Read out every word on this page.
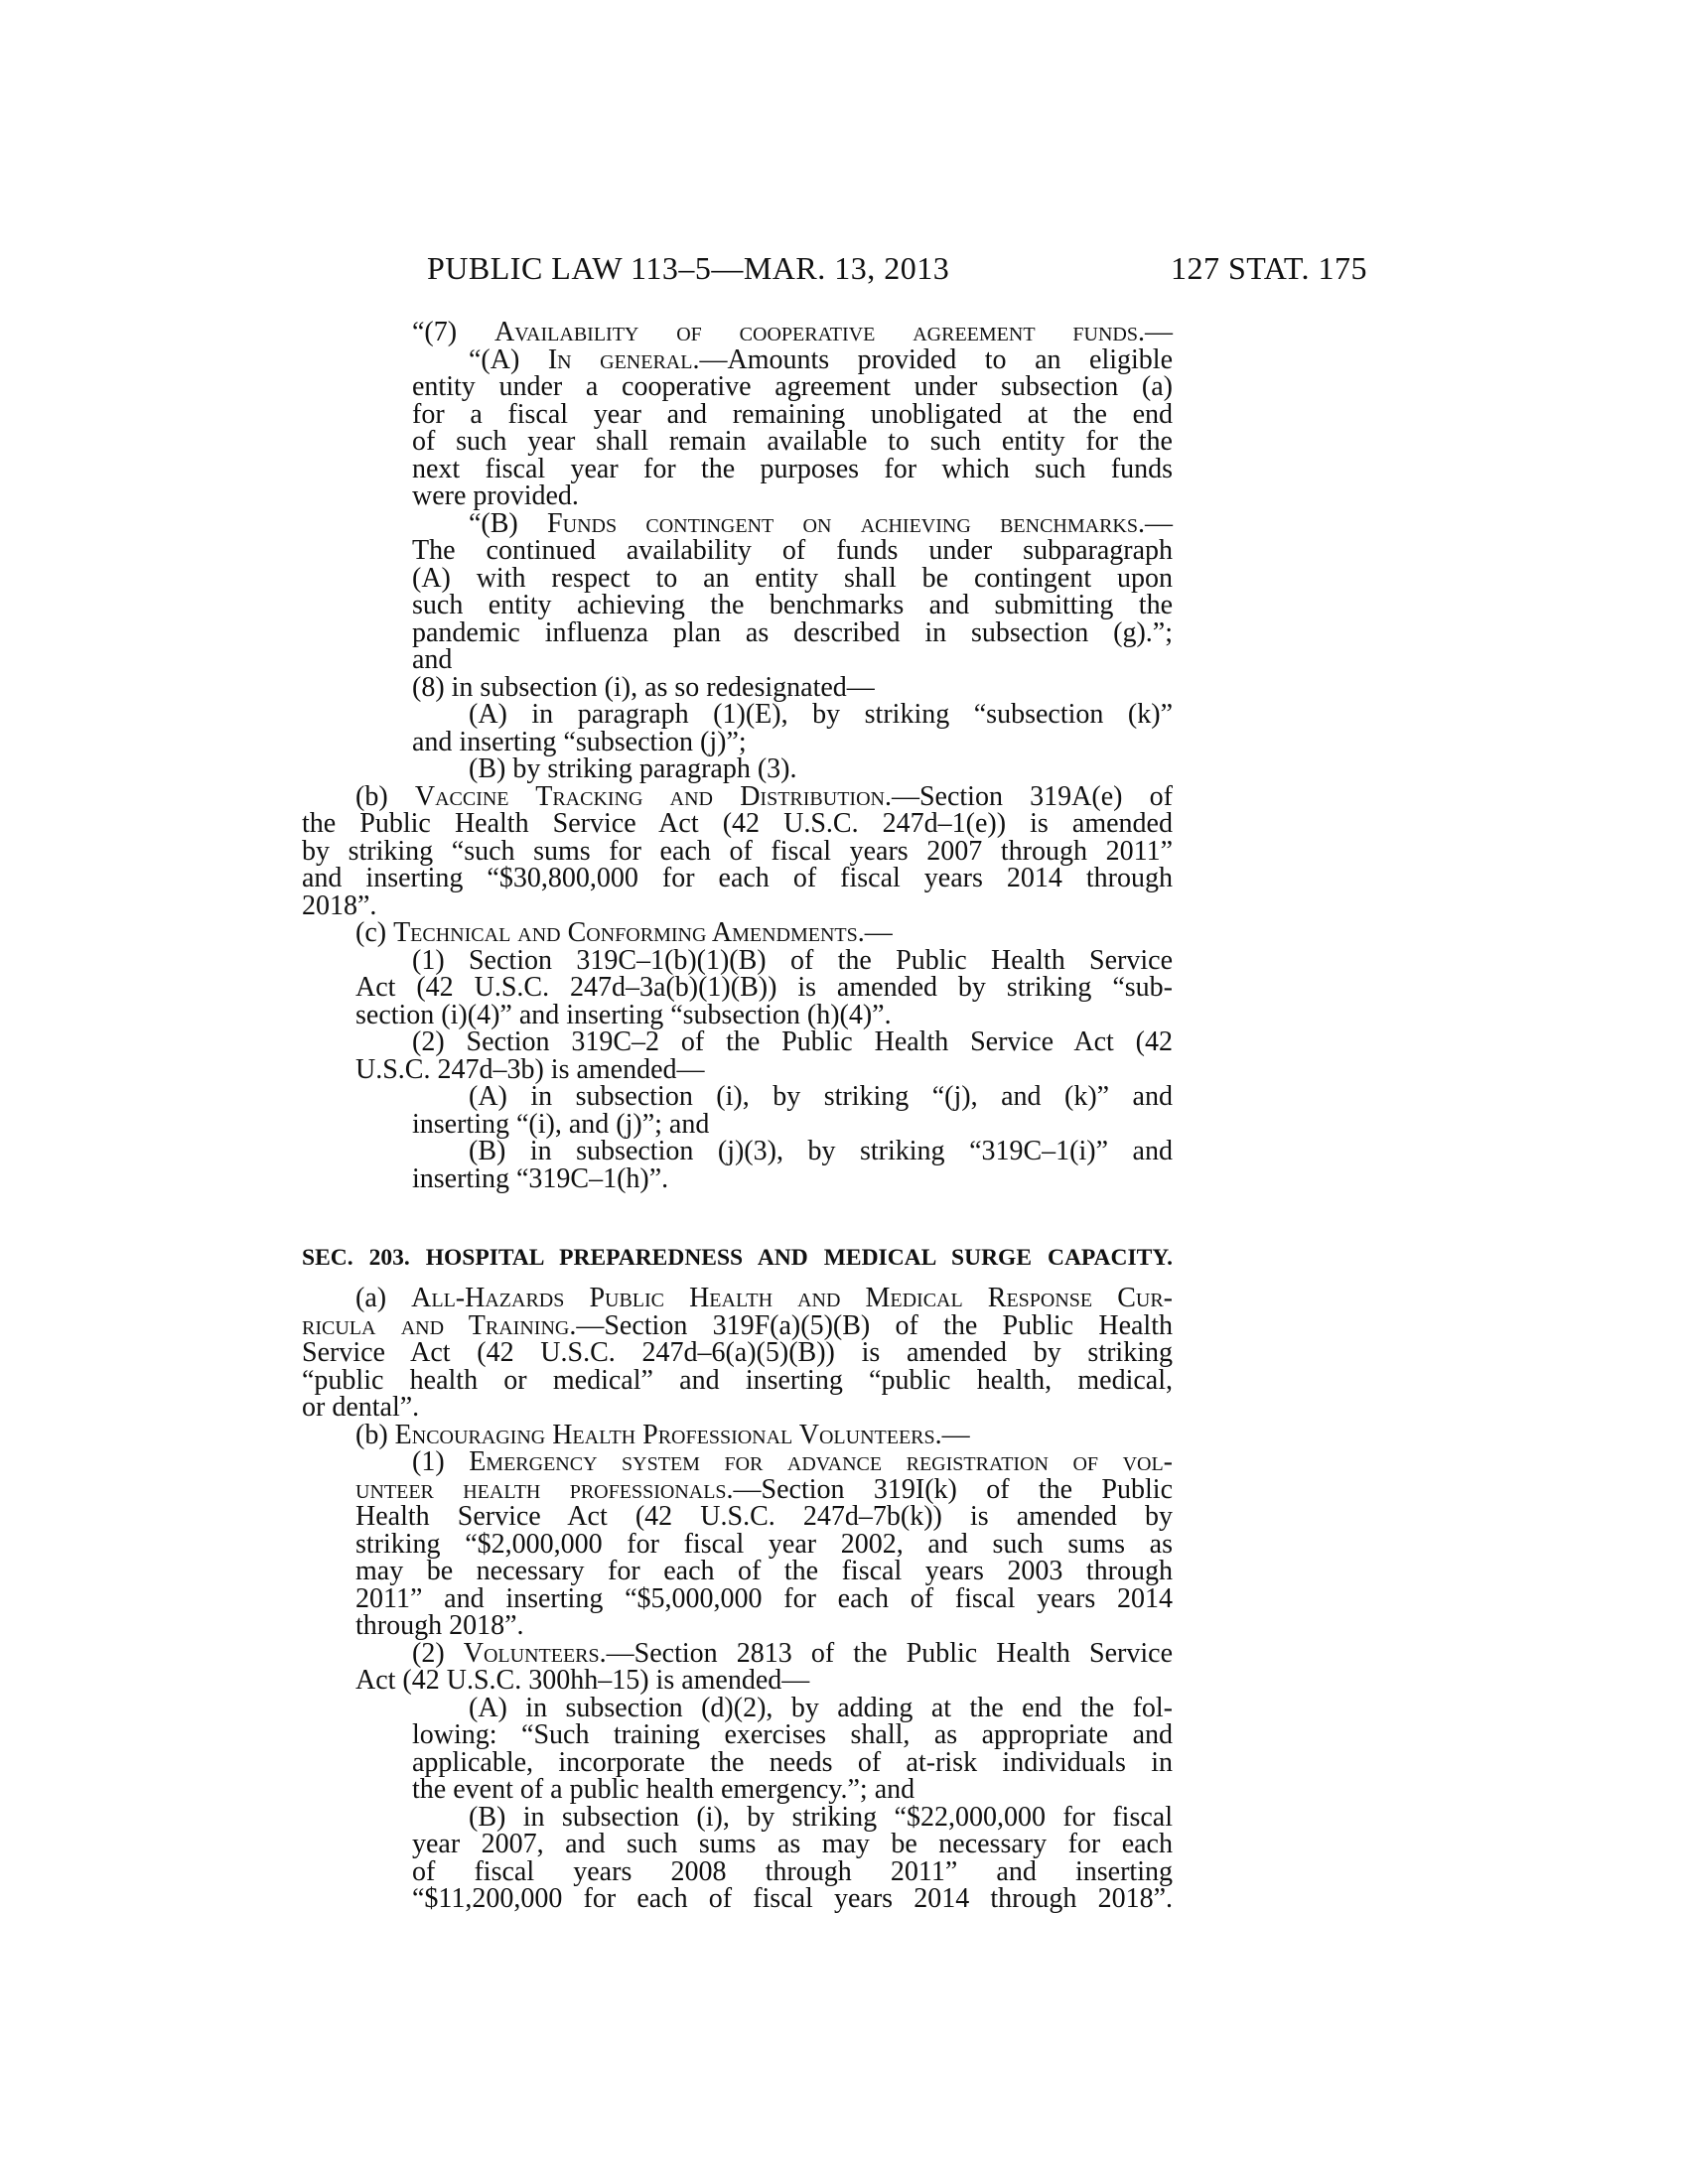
PUBLIC LAW 113–5—MAR. 13, 2013	127 STAT. 175
“(7) Availability of cooperative agreement funds.—
“(A) In general.—Amounts provided to an eligible
entity under a cooperative agreement under subsection (a)
for a fiscal year and remaining unobligated at the end
of such year shall remain available to such entity for the
next fiscal year for the purposes for which such funds
were provided.
“(B) Funds contingent on achieving benchmarks.—
The continued availability of funds under subparagraph
(A) with respect to an entity shall be contingent upon
such entity achieving the benchmarks and submitting the
pandemic influenza plan as described in subsection (g).”;
and
(8) in subsection (i), as so redesignated—
(A) in paragraph (1)(E), by striking “subsection (k)”
and inserting “subsection (j)”;
(B) by striking paragraph (3).
(b) Vaccine Tracking and Distribution.—Section 319A(e) of
the Public Health Service Act (42 U.S.C. 247d–1(e)) is amended
by striking “such sums for each of fiscal years 2007 through 2011”
and inserting “$30,800,000 for each of fiscal years 2014 through
2018”.
(c) Technical and Conforming Amendments.—
(1) Section 319C–1(b)(1)(B) of the Public Health Service
Act (42 U.S.C. 247d–3a(b)(1)(B)) is amended by striking “sub-
section (i)(4)” and inserting “subsection (h)(4)”.
(2) Section 319C–2 of the Public Health Service Act (42
U.S.C. 247d–3b) is amended—
(A) in subsection (i), by striking “(j), and (k)” and
inserting “(i), and (j)”; and
(B) in subsection (j)(3), by striking “319C–1(i)” and
inserting “319C–1(h)”.
SEC. 203. HOSPITAL PREPAREDNESS AND MEDICAL SURGE CAPACITY.
(a) All-Hazards Public Health and Medical Response Cur-
ricula and Training.—Section 319F(a)(5)(B) of the Public Health
Service Act (42 U.S.C. 247d–6(a)(5)(B)) is amended by striking
“public health or medical” and inserting “public health, medical,
or dental”.
(b) Encouraging Health Professional Volunteers.—
(1) Emergency system for advance registration of vol-
unteer health professionals.—Section 319I(k) of the Public
Health Service Act (42 U.S.C. 247d–7b(k)) is amended by
striking “$2,000,000 for fiscal year 2002, and such sums as
may be necessary for each of the fiscal years 2003 through
2011” and inserting “$5,000,000 for each of fiscal years 2014
through 2018”.
(2) Volunteers.—Section 2813 of the Public Health Service
Act (42 U.S.C. 300hh–15) is amended—
(A) in subsection (d)(2), by adding at the end the fol-
lowing: “Such training exercises shall, as appropriate and
applicable, incorporate the needs of at-risk individuals in
the event of a public health emergency.”; and
(B) in subsection (i), by striking “$22,000,000 for fiscal
year 2007, and such sums as may be necessary for each
of fiscal years 2008 through 2011” and inserting
“$11,200,000 for each of fiscal years 2014 through 2018”.
